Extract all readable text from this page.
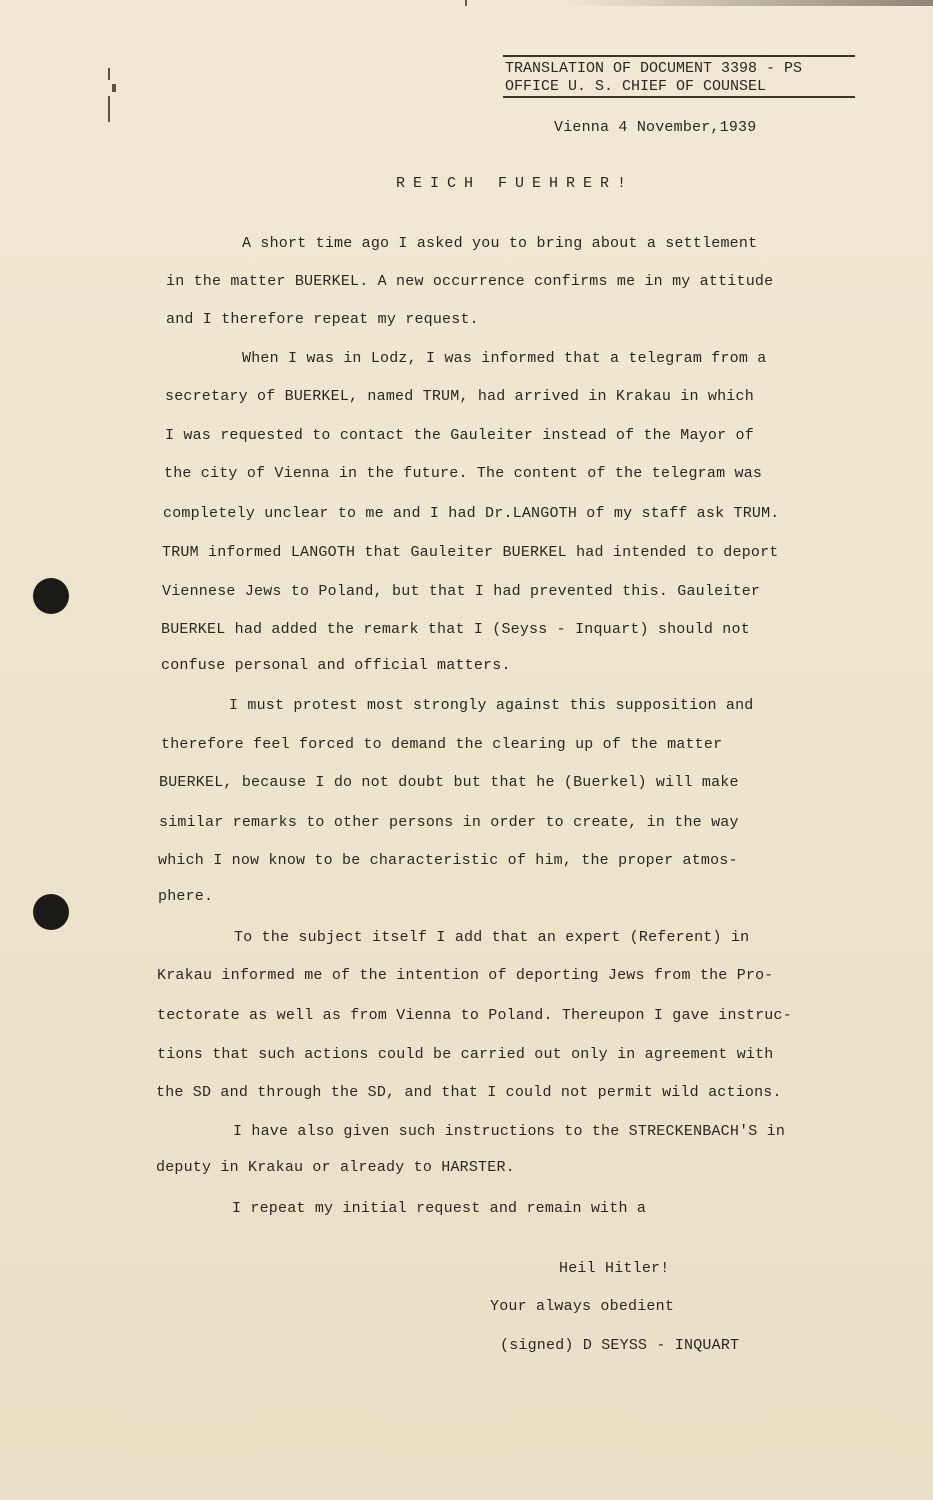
TRANSLATION OF DOCUMENT 3398 - PS
OFFICE U. S. CHIEF OF COUNSEL
Vienna 4 November,1939
REICH FUEHRER!
A short time ago I asked you to bring about a settlement
in the matter BUERKEL. A new occurrence confirms me in my attitude
and I therefore repeat my request.
When I was in Lodz, I was informed that a telegram from a
secretary of BUERKEL, named TRUM, had arrived in Krakau in which
I was requested to contact the Gauleiter instead of the Mayor of
the city of Vienna in the future. The content of the telegram was
completely unclear to me and I had Dr.LANGOTH of my staff ask TRUM.
TRUM informed LANGOTH that Gauleiter BUERKEL had intended to deport
Viennese Jews to Poland, but that I had prevented this. Gauleiter
BUERKEL had added the remark that I (Seyss - Inquart) should not
confuse personal and official matters.
I must protest most strongly against this supposition and
therefore feel forced to demand the clearing up of the matter
BUERKEL, because I do not doubt but that he (Buerkel) will make
similar remarks to other persons in order to create, in the way
which I now know to be characteristic of him, the proper atmos-
phere.
To the subject itself I add that an expert (Referent) in
Krakau informed me of the intention of deporting Jews from the Pro-
tectorate as well as from Vienna to Poland. Thereupon I gave instruc-
tions that such actions could be carried out only in agreement with
the SD and through the SD, and that I could not permit wild actions.
I have also given such instructions to the STRECKENBACH'S in
deputy in Krakau or already to HARSTER.
I repeat my initial request and remain with a
Heil Hitler!
Your always obedient
(signed) D SEYSS - INQUART
